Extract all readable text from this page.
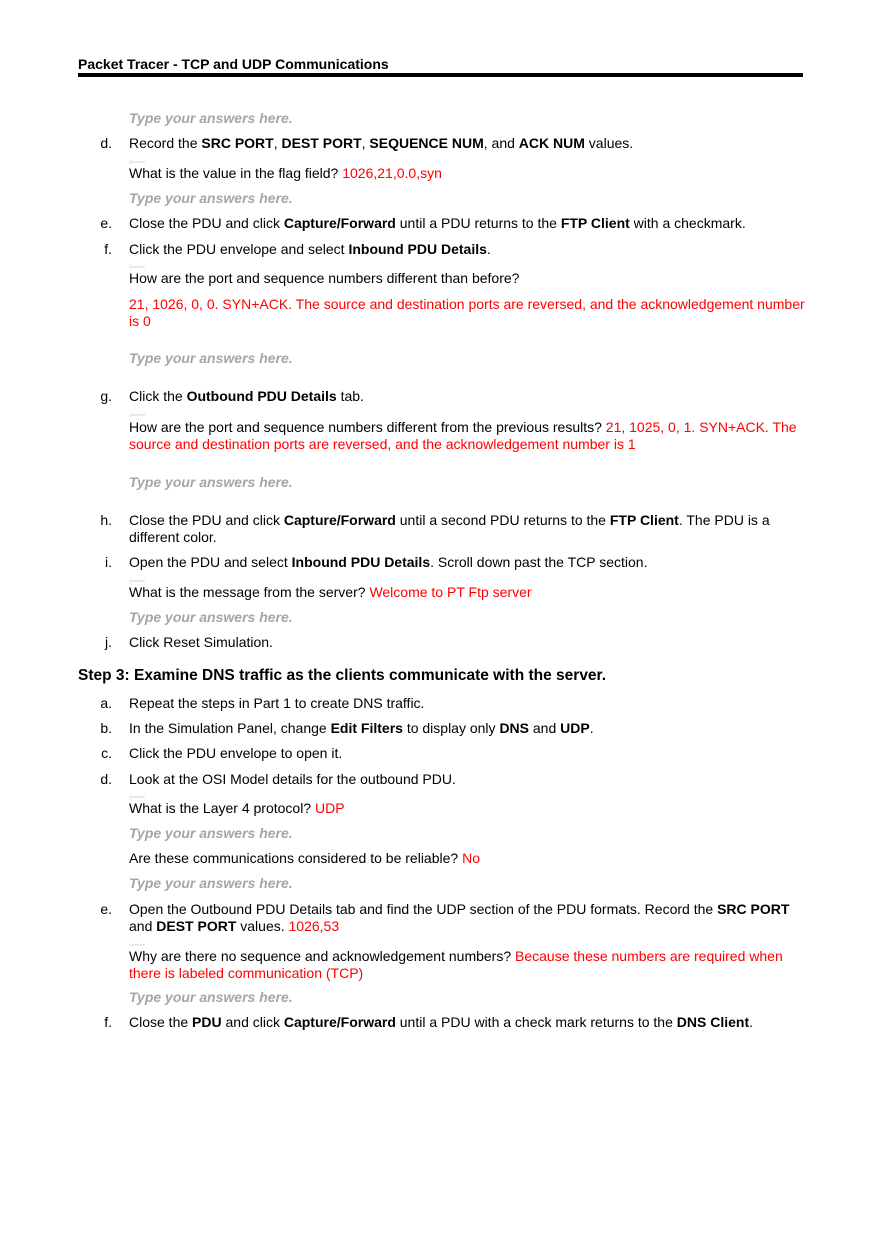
Packet Tracer - TCP and UDP Communications
Type your answers here.
d. Record the SRC PORT, DEST PORT, SEQUENCE NUM, and ACK NUM values.
Question
What is the value in the flag field? 1026,21,0.0,syn
Type your answers here.
e. Close the PDU and click Capture/Forward until a PDU returns to the FTP Client with a checkmark.
f. Click the PDU envelope and select Inbound PDU Details.
Question
How are the port and sequence numbers different than before?
21, 1026, 0, 0. SYN+ACK. The source and destination ports are reversed, and the acknowledgement number is 0
Type your answers here.
g. Click the Outbound PDU Details tab.
Question
How are the port and sequence numbers different from the previous results? 21, 1025, 0, 1. SYN+ACK. The source and destination ports are reversed, and the acknowledgement number is 1
Type your answers here.
h. Close the PDU and click Capture/Forward until a second PDU returns to the FTP Client. The PDU is a different color.
i. Open the PDU and select Inbound PDU Details. Scroll down past the TCP section.
Question
What is the message from the server? Welcome to PT Ftp server
Type your answers here.
j. Click Reset Simulation.
Step 3: Examine DNS traffic as the clients communicate with the server.
a. Repeat the steps in Part 1 to create DNS traffic.
b. In the Simulation Panel, change Edit Filters to display only DNS and UDP.
c. Click the PDU envelope to open it.
d. Look at the OSI Model details for the outbound PDU.
Question
What is the Layer 4 protocol? UDP
Type your answers here.
Are these communications considered to be reliable? No
Type your answers here.
e. Open the Outbound PDU Details tab and find the UDP section of the PDU formats. Record the SRC PORT and DEST PORT values. 1026,53
Question
Why are there no sequence and acknowledgement numbers? Because these numbers are required when there is labeled communication (TCP)
Type your answers here.
f. Close the PDU and click Capture/Forward until a PDU with a check mark returns to the DNS Client.
